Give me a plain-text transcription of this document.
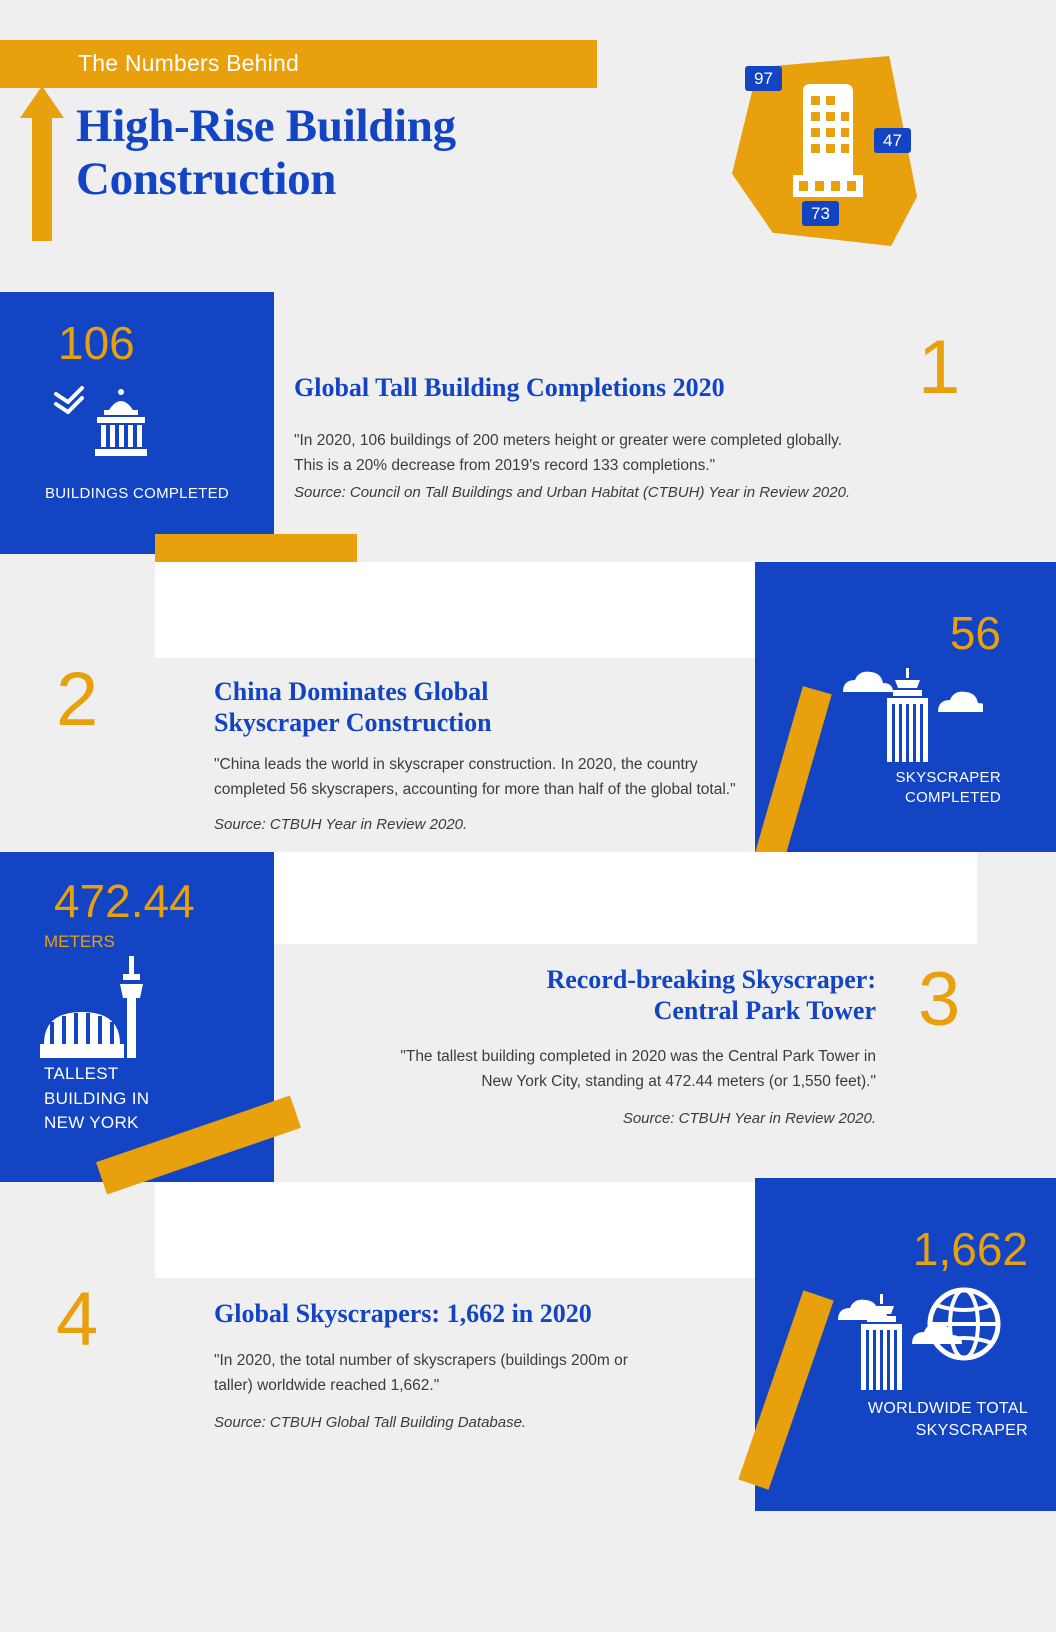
The Numbers Behind
High-Rise Building
Construction
97
47
73
106
BUILDINGS COMPLETED
1
Global Tall Building Completions 2020
"In 2020, 106 buildings of 200 meters height or greater were completed globally. This is a 20% decrease from 2019's record 133 completions."
Source: Council on Tall Buildings and Urban Habitat (CTBUH) Year in Review 2020.
56
SKYSCRAPER
COMPLETED
2	China Dominates Global
Skyscraper Construction
"China leads the world in skyscraper construction. In 2020, the country completed 56 skyscrapers, accounting for more than half of the global total."
Source: CTBUH Year in Review 2020.
472.44
METERS
TALLEST
BUILDING IN
NEW YORK
3
Record-breaking Skyscraper:
Central Park Tower
"The tallest building completed in 2020 was the Central Park Tower in New York City, standing at 472.44 meters (or 1,550 feet)."
Source: CTBUH Year in Review 2020.
1,662
WORLDWIDE TOTAL
SKYSCRAPER
4	Global Skyscrapers: 1,662 in 2020
"In 2020, the total number of skyscrapers (buildings 200m or taller) worldwide reached 1,662."
Source: CTBUH Global Tall Building Database.
